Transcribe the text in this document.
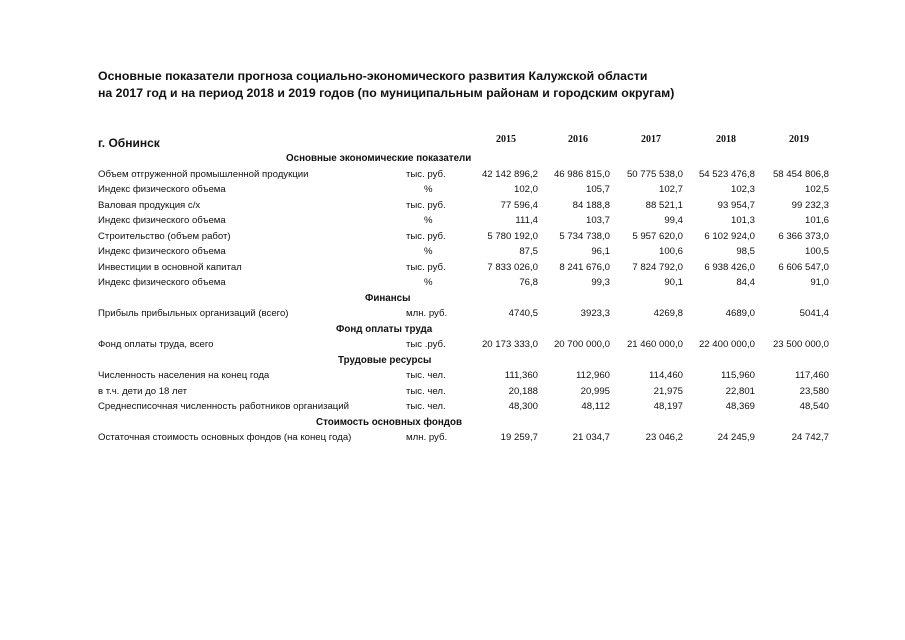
Основные показатели прогноза социально-экономического развития Калужской области
на 2017 год и на период 2018 и 2019 годов (по муниципальным районам и городским округам)
г. Обнинск	2015	2016	2017	2018	2019
Основные экономические показатели
Объем отгруженной промышленной продукции	тыс. руб.	42 142 896,2	46 986 815,0	50 775 538,0	54 523 476,8	58 454 806,8
Индекс физического объема	%	102,0	105,7	102,7	102,3	102,5
Валовая продукция с/х	тыс. руб.	77 596,4	84 188,8	88 521,1	93 954,7	99 232,3
Индекс физического объема	%	111,4	103,7	99,4	101,3	101,6
Строительство (объем работ)	тыс. руб.	5 780 192,0	5 734 738,0	5 957 620,0	6 102 924,0	6 366 373,0
Индекс физического объема	%	87,5	96,1	100,6	98,5	100,5
Инвестиции в основной капитал	тыс. руб.	7 833 026,0	8 241 676,0	7 824 792,0	6 938 426,0	6 606 547,0
Индекс физического объема	%	76,8	99,3	90,1	84,4	91,0
Финансы
Прибыль прибыльных организаций (всего)	млн. руб.	4740,5	3923,3	4269,8	4689,0	5041,4
Фонд оплаты труда
Фонд оплаты труда, всего	тыс .руб.	20 173 333,0	20 700 000,0	21 460 000,0	22 400 000,0	23 500 000,0
Трудовые ресурсы
Численность населения на конец года	тыс. чел.	111,360	112,960	114,460	115,960	117,460
в т.ч. дети до 18 лет	тыс. чел.	20,188	20,995	21,975	22,801	23,580
Среднесписочная численность работников организаций	тыс. чел.	48,300	48,112	48,197	48,369	48,540
Стоимость основных фондов
Остаточная стоимость основных фондов (на конец года)	млн. руб.	19 259,7	21 034,7	23 046,2	24 245,9	24 742,7
